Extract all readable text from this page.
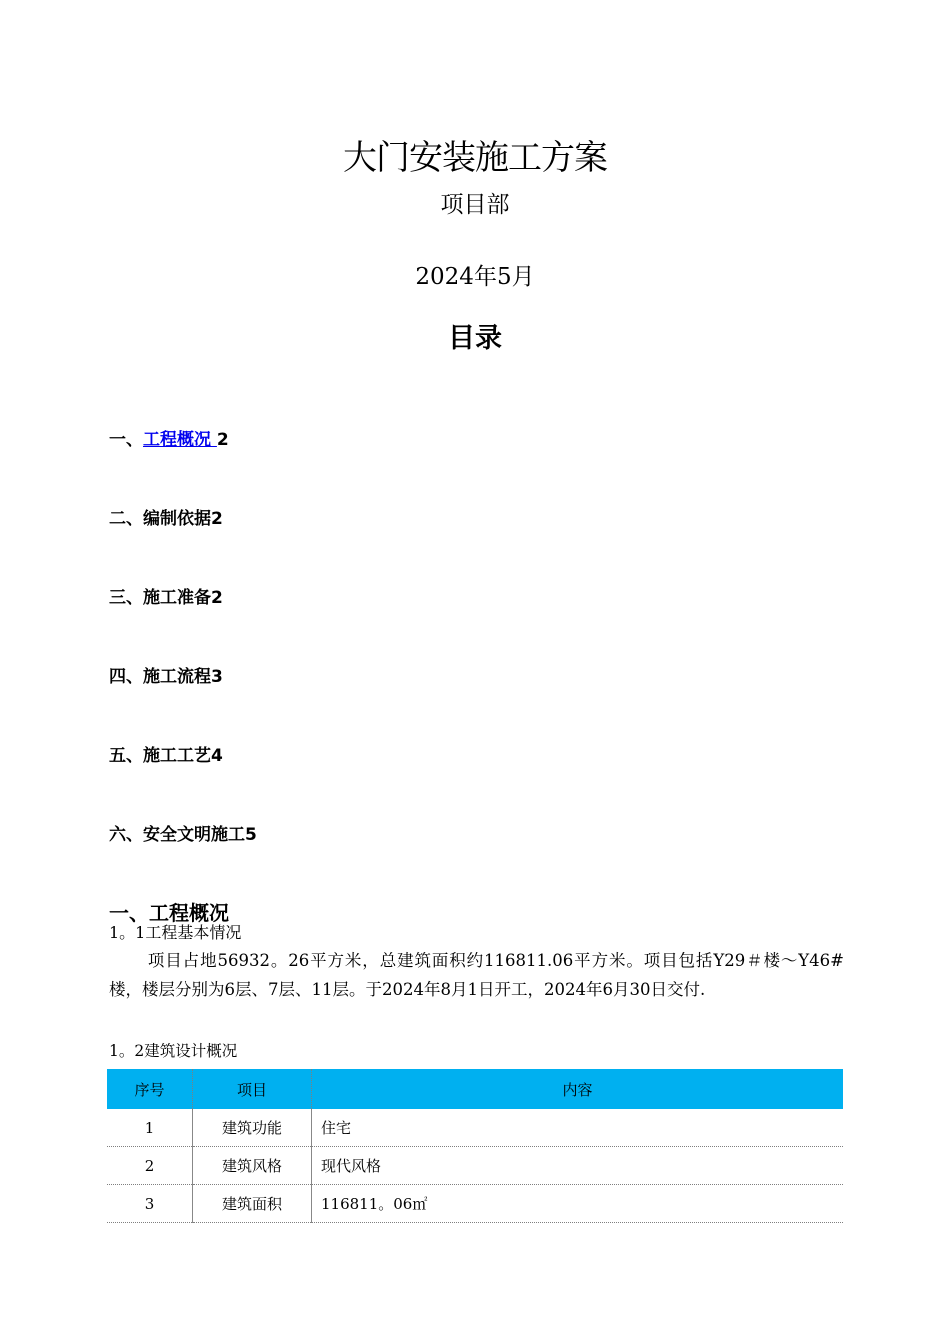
大门安装施工方案
项目部
2024年5月
目录
一、工程概况 2
二、编制依据2
三、施工准备2
四、施工流程3
五、施工工艺4
六、安全文明施工5
一、工程概况
1。1工程基本情况
项目占地56932。26平方米，总建筑面积约116811.06平方米。项目包括Y29＃楼～Y46#楼，楼层分别为6层、7层、11层。于2024年8月1日开工，2024年6月30日交付.
1。2建筑设计概况
序号	项目	内容
1	建筑功能	住宅
2	建筑风格	现代风格
3	建筑面积	116811。06㎡
